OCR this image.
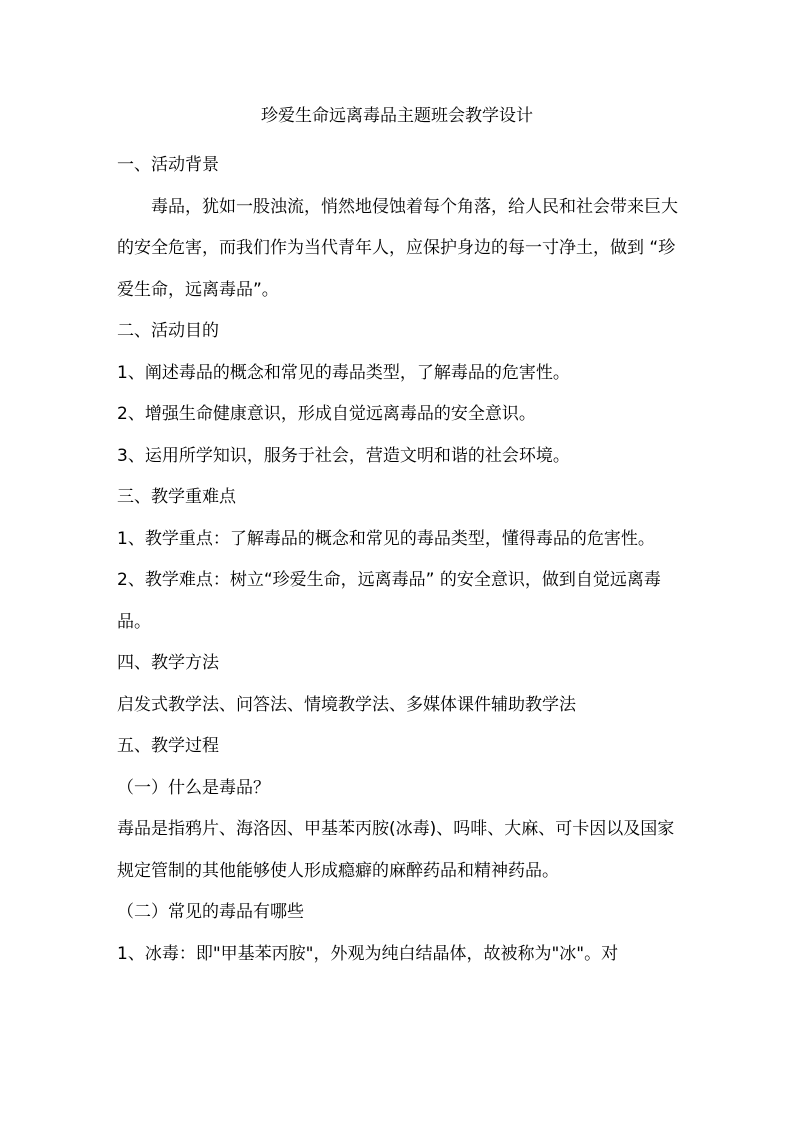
珍爱生命远离毒品主题班会教学设计

一、活动背景

毒品，犹如一股浊流，悄然地侵蚀着每个角落，给人民和社会带来巨大的安全危害，而我们作为当代青年人，应保护身边的每一寸净土，做到 “珍爱生命，远离毒品”。

二、活动目的

1、阐述毒品的概念和常见的毒品类型，了解毒品的危害性。

2、增强生命健康意识，形成自觉远离毒品的安全意识。

3、运用所学知识，服务于社会，营造文明和谐的社会环境。

三、教学重难点

1、教学重点：了解毒品的概念和常见的毒品类型，懂得毒品的危害性。

2、教学难点：树立“珍爱生命，远离毒品” 的安全意识，做到自觉远离毒品。

四、教学方法

启发式教学法、问答法、情境教学法、多媒体课件辅助教学法

五、教学过程

（一）什么是毒品？

毒品是指鸦片、海洛因、甲基苯丙胺(冰毒)、吗啡、大麻、可卡因以及国家规定管制的其他能够使人形成瘾癖的麻醉药品和精神药品。

（二）常见的毒品有哪些

1、冰毒：即"甲基苯丙胺"，外观为纯白结晶体，故被称为"冰"。对
